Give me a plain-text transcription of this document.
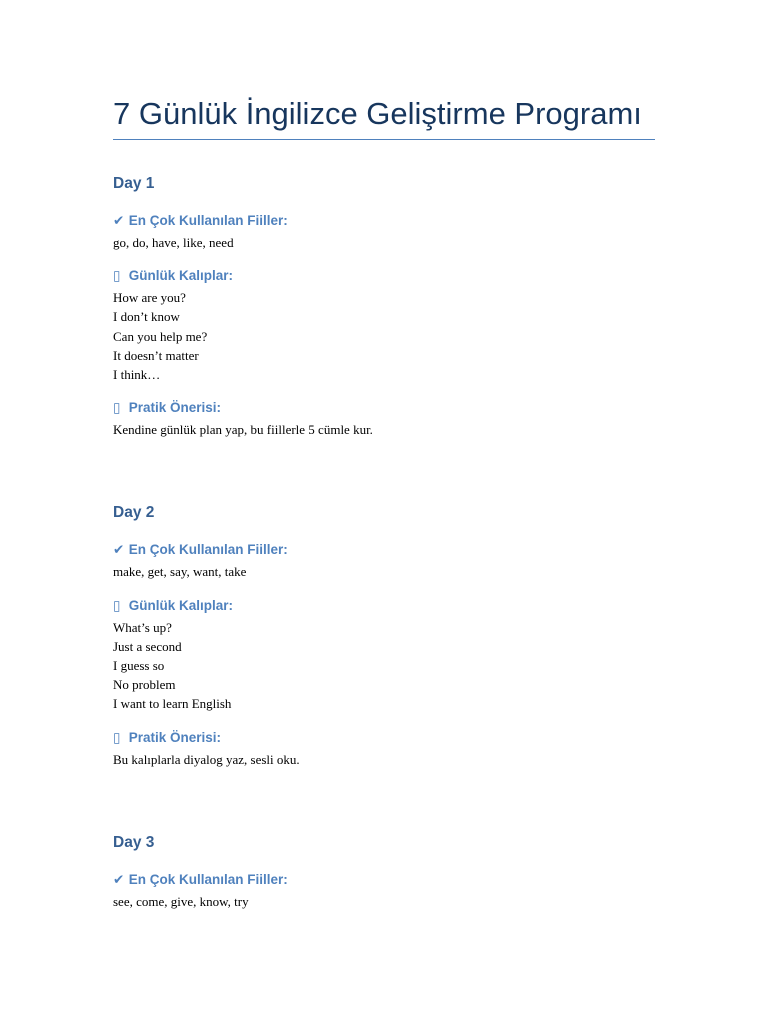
7 Günlük İngilizce Geliştirme Programı
Day 1
✔ En Çok Kullanılan Fiiller:

go, do, have, like, need

▯ Günlük Kalıplar:
How are you?
I don’t know
Can you help me?
It doesn’t matter
I think…
▯ Pratik Önerisi:

Kendine günlük plan yap, bu fiillerle 5 cümle kur.

Day 2
✔ En Çok Kullanılan Fiiller:

make, get, say, want, take

▯ Günlük Kalıplar:
What’s up?
Just a second
I guess so
No problem
I want to learn English
▯ Pratik Önerisi:

Bu kalıplarla diyalog yaz, sesli oku.

Day 3
✔ En Çok Kullanılan Fiiller:

see, come, give, know, try
